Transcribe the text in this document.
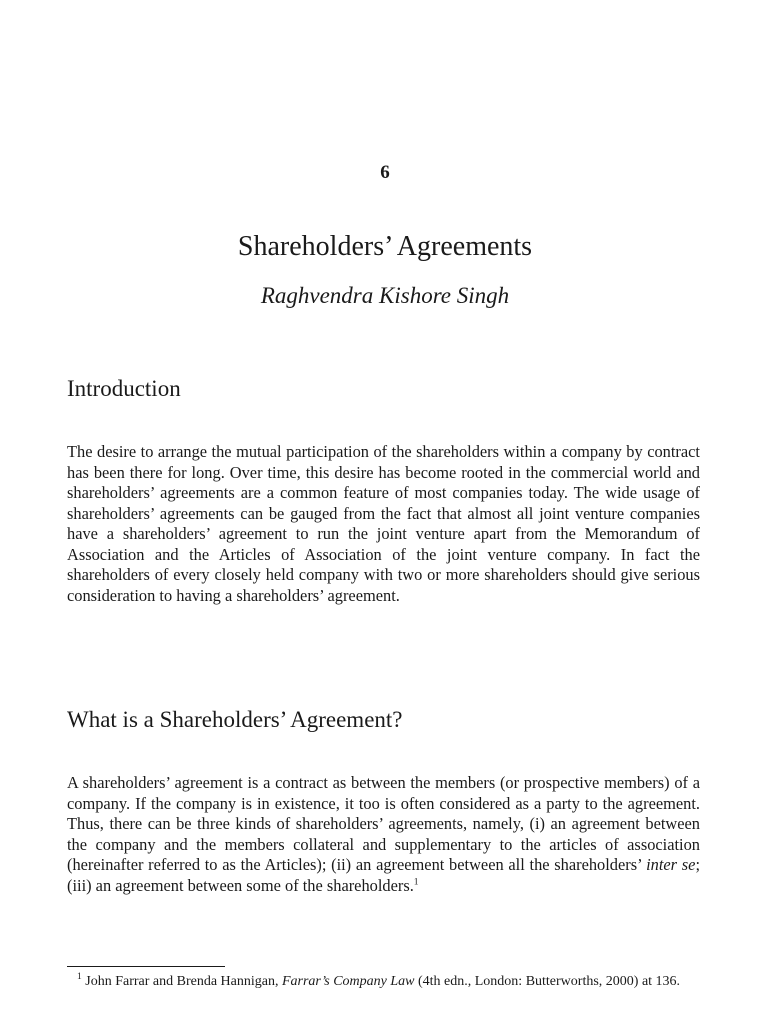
6
Shareholders’ Agreements
Raghvendra Kishore Singh
Introduction

The desire to arrange the mutual participation of the shareholders within a company by contract has been there for long. Over time, this desire has become rooted in the commercial world and shareholders’ agreements are a common feature of most companies today. The wide usage of shareholders’ agreements can be gauged from the fact that almost all joint venture companies have a shareholders’ agreement to run the joint venture apart from the Memorandum of Association and the Articles of Association of the joint venture company. In fact the shareholders of every closely held company with two or more shareholders should give serious consideration to having a shareholders’ agreement.

What is a Shareholders’ Agreement?

A shareholders’ agreement is a contract as between the members (or prospective members) of a company. If the company is in existence, it too is often considered as a party to the agreement. Thus, there can be three kinds of shareholders’ agreements, namely, (i) an agreement between the company and the members collateral and supplementary to the articles of association (hereinafter referred to as the Articles); (ii) an agreement between all the shareholders’ inter se; (iii) an agreement between some of the shareholders.$^1$

$^1$ John Farrar and Brenda Hannigan, Farrar’s Company Law (4th edn., London: Butterworths, 2000) at 136.
